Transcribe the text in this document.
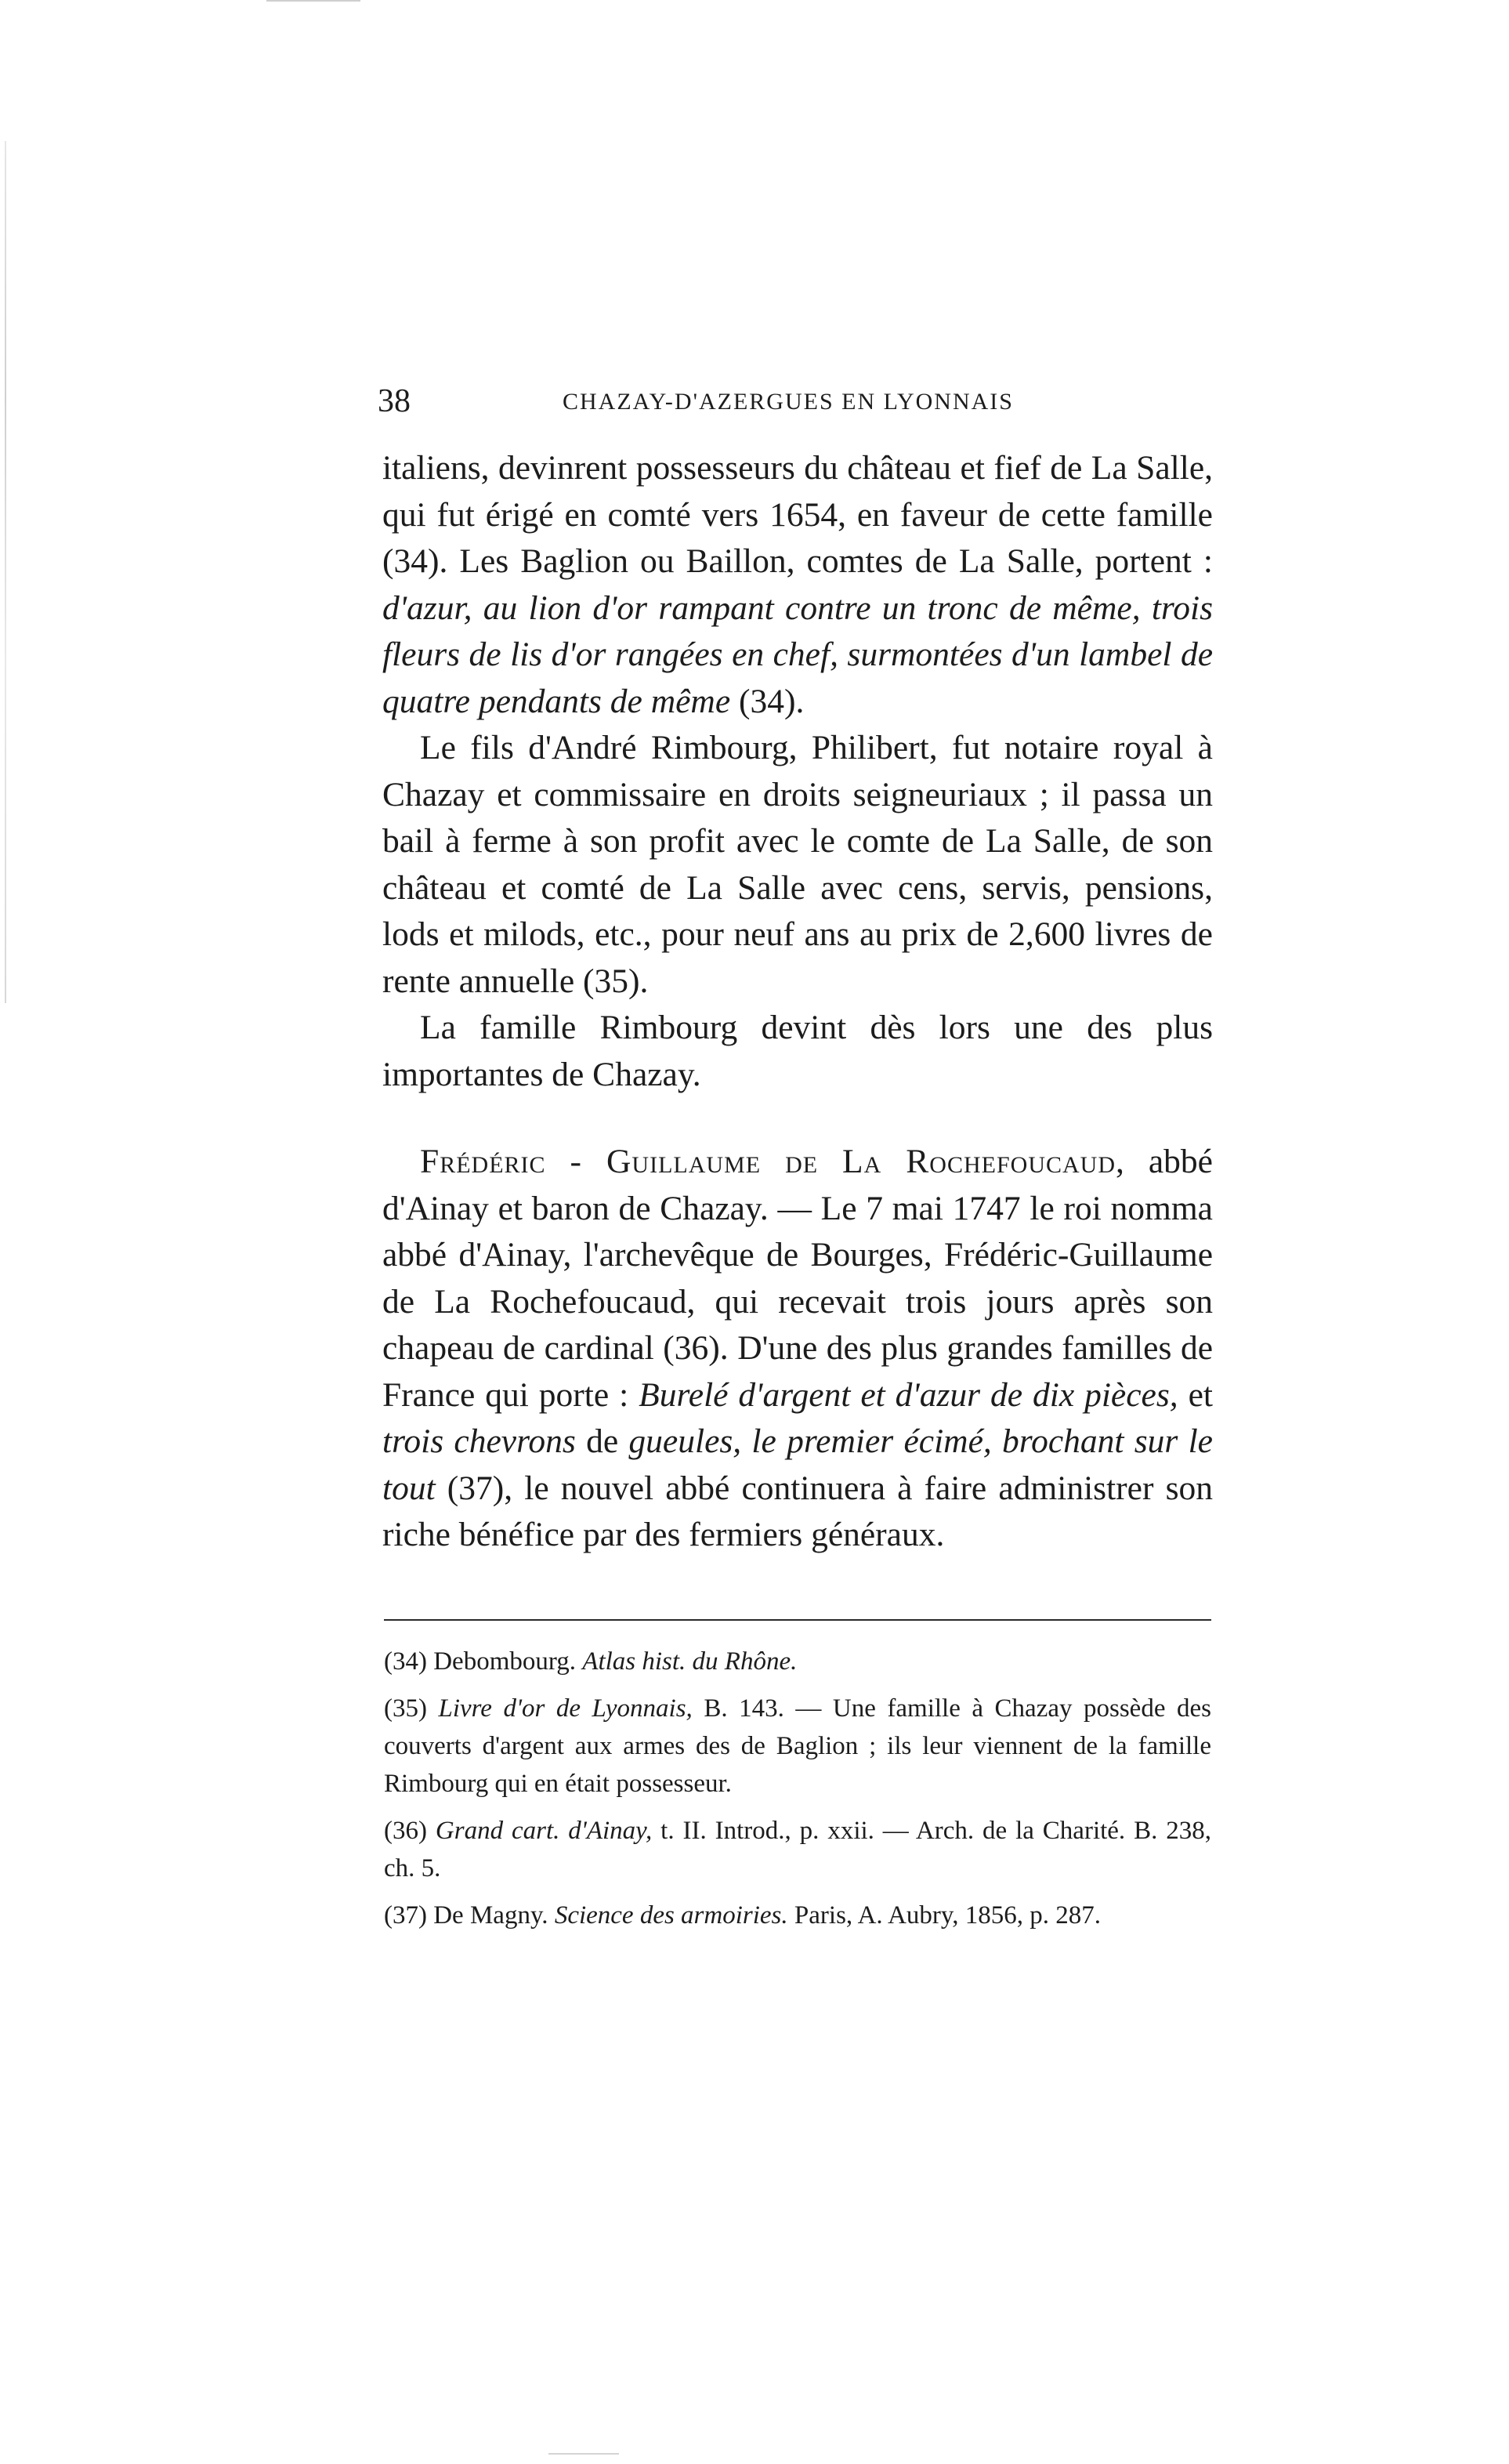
38	CHAZAY-D'AZERGUES EN LYONNAIS

italiens, devinrent possesseurs du château et fief de La Salle, qui fut érigé en comté vers 1654, en faveur de cette famille (34). Les Baglion ou Baillon, comtes de La Salle, portent : d'azur, au lion d'or rampant contre un tronc de même, trois fleurs de lis d'or rangées en chef, surmontées d'un lambel de quatre pendants de même (34).

Le fils d'André Rimbourg, Philibert, fut notaire royal à Chazay et commissaire en droits seigneuriaux ; il passa un bail à ferme à son profit avec le comte de La Salle, de son château et comté de La Salle avec cens, servis, pensions, lods et milods, etc., pour neuf ans au prix de 2,600 livres de rente annuelle (35).

La famille Rimbourg devint dès lors une des plus importantes de Chazay.

Frédéric - Guillaume de La Rochefoucaud, abbé d'Ainay et baron de Chazay. — Le 7 mai 1747 le roi nomma abbé d'Ainay, l'archevêque de Bourges, Frédéric-Guillaume de La Rochefoucaud, qui recevait trois jours après son chapeau de cardinal (36). D'une des plus grandes familles de France qui porte : Burelé d'argent et d'azur de dix pièces, et trois chevrons de gueules, le premier écimé, brochant sur le tout (37), le nouvel abbé continuera à faire administrer son riche bénéfice par des fermiers généraux.

(34) Debombourg. Atlas hist. du Rhône.

(35) Livre d'or de Lyonnais, B. 143. — Une famille à Chazay possède des couverts d'argent aux armes des de Baglion ; ils leur viennent de la famille Rimbourg qui en était possesseur.

(36) Grand cart. d'Ainay, t. II. Introd., p. xxii. — Arch. de la Charité. B. 238, ch. 5.

(37) De Magny. Science des armoiries. Paris, A. Aubry, 1856, p. 287.
